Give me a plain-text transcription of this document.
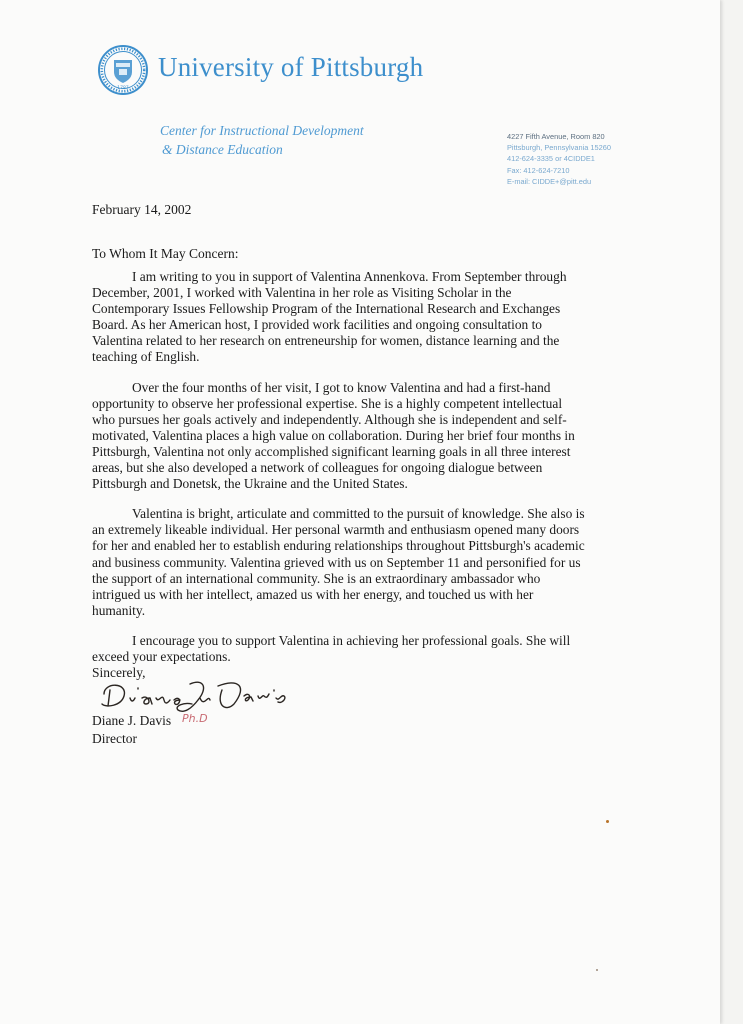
1787
University of Pittsburgh
Center for Instructional Development
& Distance Education
4227 Fifth Avenue, Room 820
Pittsburgh, Pennsylvania 15260
412-624-3335 or 4CIDDE1
Fax: 412-624-7210
E-mail: CIDDE+@pitt.edu
February 14, 2002
To Whom It May Concern:

I am writing to you in support of Valentina Annenkova. From September through December, 2001, I worked with Valentina in her role as Visiting Scholar in the Contemporary Issues Fellowship Program of the International Research and Exchanges Board. As her American host, I provided work facilities and ongoing consultation to Valentina related to her research on entreneurship for women, distance learning and the teaching of English.

Over the four months of her visit, I got to know Valentina and had a first-hand opportunity to observe her professional expertise. She is a highly competent intellectual who pursues her goals actively and independently. Although she is independent and self-motivated, Valentina places a high value on collaboration. During her brief four months in Pittsburgh, Valentina not only accomplished significant learning goals in all three interest areas, but she also developed a network of colleagues for ongoing dialogue between Pittsburgh and Donetsk, the Ukraine and the United States.

Valentina is bright, articulate and committed to the pursuit of knowledge. She also is an extremely likeable individual. Her personal warmth and enthusiasm opened many doors for her and enabled her to establish enduring relationships throughout Pittsburgh's academic and business community. Valentina grieved with us on September 11 and personified for us the support of an international community. She is an extraordinary ambassador who intrigued us with her intellect, amazed us with her energy, and touched us with her humanity.

I encourage you to support Valentina in achieving her professional goals. She will exceed your expectations.

Sincerely,
Diane J. Davis Ph.D
Director
